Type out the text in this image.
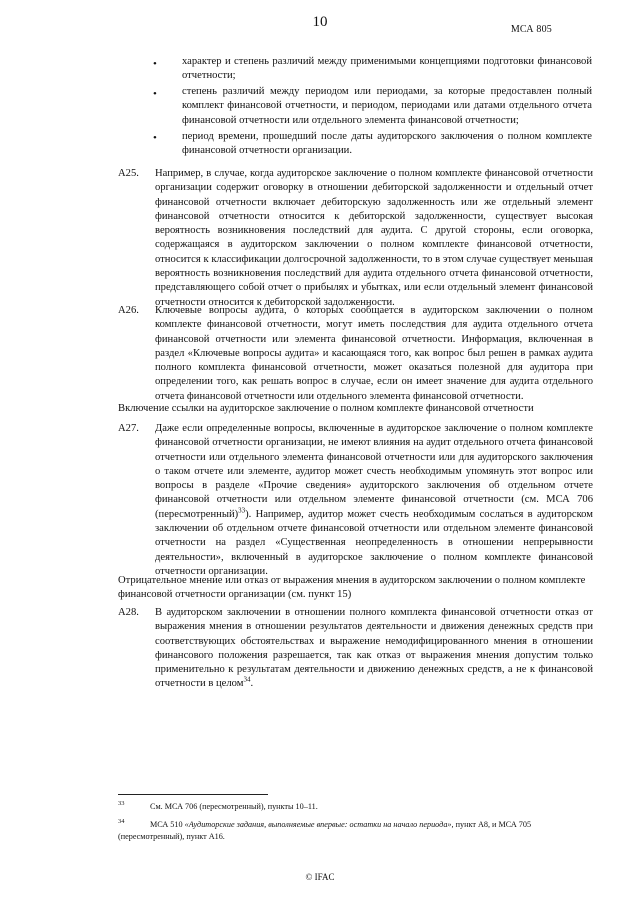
10	МСА 805
характер и степень различий между применимыми концепциями подготовки финансовой отчетности;
степень различий между периодом или периодами, за которые предоставлен полный комплект финансовой отчетности, и периодом, периодами или датами отдельного отчета финансовой отчетности или отдельного элемента финансовой отчетности;
период времени, прошедший после даты аудиторского заключения о полном комплекте финансовой отчетности организации.
A25. Например, в случае, когда аудиторское заключение о полном комплекте финансовой отчетности организации содержит оговорку в отношении дебиторской задолженности и отдельный отчет финансовой отчетности включает дебиторскую задолженность или же отдельный элемент финансовой отчетности относится к дебиторской задолженности, существует высокая вероятность возникновения последствий для аудита. С другой стороны, если оговорка, содержащаяся в аудиторском заключении о полном комплекте финансовой отчетности, относится к классификации долгосрочной задолженности, то в этом случае существует меньшая вероятность возникновения последствий для аудита отдельного отчета финансовой отчетности, представляющего собой отчет о прибылях и убытках, или если отдельный элемент финансовой отчетности относится к дебиторской задолженности.
A26. Ключевые вопросы аудита, о которых сообщается в аудиторском заключении о полном комплекте финансовой отчетности, могут иметь последствия для аудита отдельного отчета финансовой отчетности или элемента финансовой отчетности. Информация, включенная в раздел «Ключевые вопросы аудита» и касающаяся того, как вопрос был решен в рамках аудита полного комплекта финансовой отчетности, может оказаться полезной для аудитора при определении того, как решать вопрос в случае, если он имеет значение для аудита отдельного отчета финансовой отчетности или отдельного элемента финансовой отчетности.
Включение ссылки на аудиторское заключение о полном комплекте финансовой отчетности
A27. Даже если определенные вопросы, включенные в аудиторское заключение о полном комплекте финансовой отчетности организации, не имеют влияния на аудит отдельного отчета финансовой отчетности или отдельного элемента финансовой отчетности или для аудиторского заключения о таком отчете или элементе, аудитор может счесть необходимым упомянуть этот вопрос или вопросы в разделе «Прочие сведения» аудиторского заключения об отдельном отчете финансовой отчетности или отдельном элементе финансовой отчетности (см. МСА 706 (пересмотренный)$^{33}$). Например, аудитор может счесть необходимым сослаться в аудиторском заключении об отдельном отчете финансовой отчетности или отдельном элементе финансовой отчетности на раздел «Существенная неопределенность в отношении непрерывности деятельности», включенный в аудиторское заключение о полном комплекте финансовой отчетности организации.
Отрицательное мнение или отказ от выражения мнения в аудиторском заключении о полном комплекте финансовой отчетности организации (см. пункт 15)
A28. В аудиторском заключении в отношении полного комплекта финансовой отчетности отказ от выражения мнения в отношении результатов деятельности и движения денежных средств при соответствующих обстоятельствах и выражение немодифицированного мнения в отношении финансового положения разрешается, так как отказ от выражения мнения допустим только применительно к результатам деятельности и движению денежных средств, а не к финансовой отчетности в целом$^{34}$.
33	См. МСА 706 (пересмотренный), пункты 10–11.
34	МСА 510 «Аудиторские задания, выполняемые впервые: остатки на начало периода», пункт А8, и МСА 705 (пересмотренный), пункт А16.
© IFAC
